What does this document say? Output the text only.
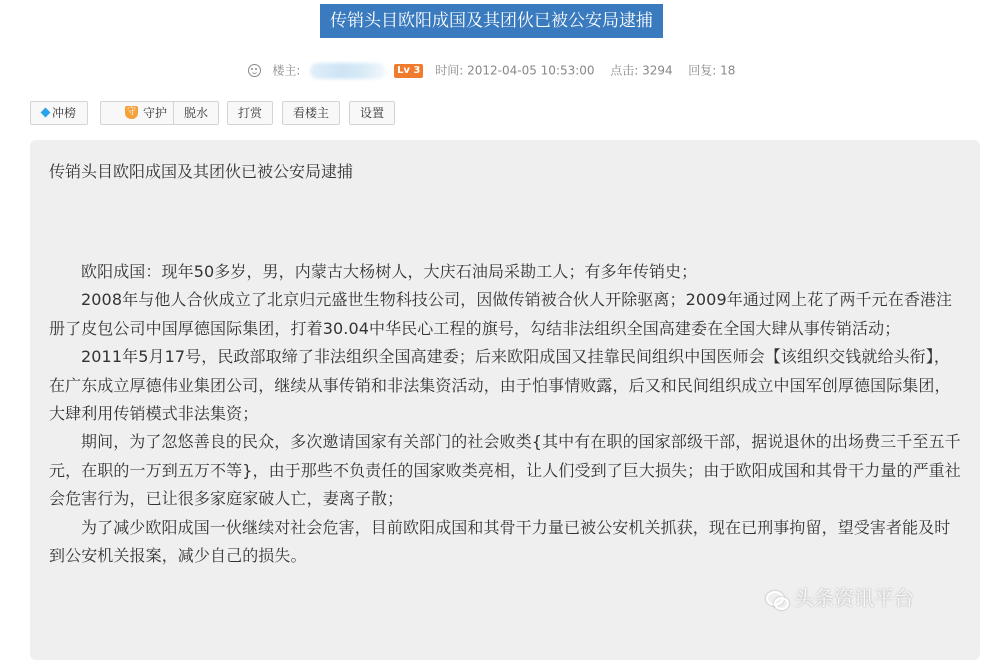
传销头目欧阳成国及其团伙已被公安局逮捕
楼主:	Lv 3 时间: 2012-04-05 10:53:00 点击: 3294 回复: 18
冲榜	守 守护	脱水	打赏	看楼主	设置
传销头目欧阳成国及其团伙已被公安局逮捕

欧阳成国：现年50多岁，男，内蒙古大杨树人，大庆石油局采勘工人；有多年传销史；

2008年与他人合伙成立了北京归元盛世生物科技公司，因做传销被合伙人开除驱离；2009年通过网上花了两千元在香港注册了皮包公司中国厚德国际集团，打着30.04中华民心工程的旗号，勾结非法组织全国高建委在全国大肆从事传销活动；

2011年5月17号，民政部取缔了非法组织全国高建委；后来欧阳成国又挂靠民间组织中国医师会【该组织交钱就给头衔】，在广东成立厚德伟业集团公司，继续从事传销和非法集资活动，由于怕事情败露，后又和民间组织成立中国军创厚德国际集团，大肆利用传销模式非法集资；

期间，为了忽悠善良的民众，多次邀请国家有关部门的社会败类{其中有在职的国家部级干部，据说退休的出场费三千至五千元，在职的一万到五万不等}，由于那些不负责任的国家败类亮相，让人们受到了巨大损失；由于欧阳成国和其骨干力量的严重社会危害行为，已让很多家庭家破人亡，妻离子散；

为了减少欧阳成国一伙继续对社会危害，目前欧阳成国和其骨干力量已被公安机关抓获，现在已刑事拘留，望受害者能及时到公安机关报案，减少自己的损失。

头条资讯平台
